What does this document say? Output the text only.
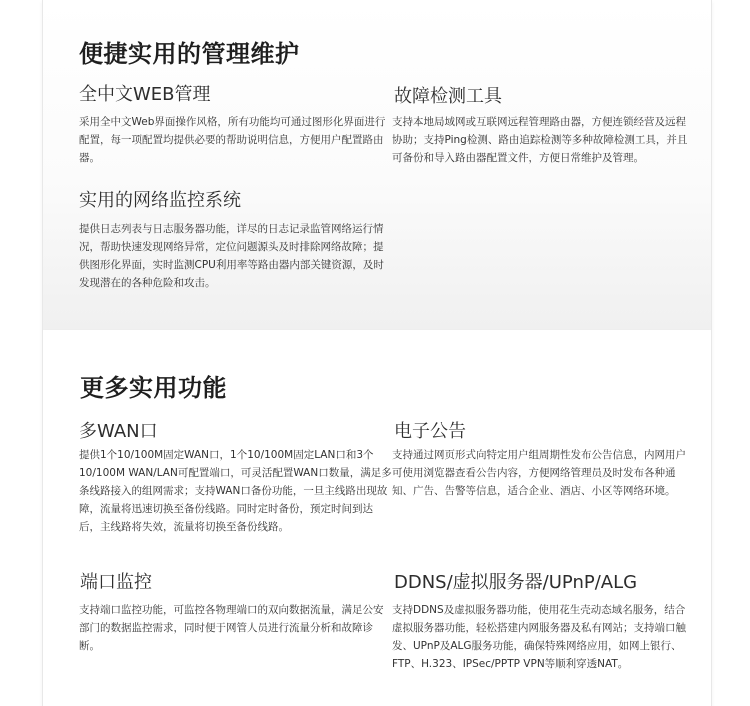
便捷实用的管理维护
全中文WEB管理

采用全中文Web界面操作风格，所有功能均可通过图形化界面进行配置，每一项配置均提供必要的帮助说明信息，方便用户配置路由器。

故障检测工具

支持本地局域网或互联网远程管理路由器，方便连锁经营及远程协助；支持Ping检测、路由追踪检测等多种故障检测工具，并且可备份和导入路由器配置文件，方便日常维护及管理。

实用的网络监控系统

提供日志列表与日志服务器功能，详尽的日志记录监管网络运行情况，帮助快速发现网络异常，定位问题源头及时排除网络故障；提供图形化界面，实时监测CPU利用率等路由器内部关键资源，及时发现潜在的各种危险和攻击。

更多实用功能
多WAN口

提供1个10/100M固定WAN口，1个10/100M固定LAN口和3个10/100M WAN/LAN可配置端口，可灵活配置WAN口数量，满足多条线路接入的组网需求；支持WAN口备份功能，一旦主线路出现故障，流量将迅速切换至备份线路。同时定时备份，预定时间到达后，主线路将失效，流量将切换至备份线路。

电子公告

支持通过网页形式向特定用户组周期性发布公告信息，内网用户可使用浏览器查看公告内容，方便网络管理员及时发布各种通知、广告、告警等信息，适合企业、酒店、小区等网络环境。

端口监控

支持端口监控功能，可监控各物理端口的双向数据流量，满足公安部门的数据监控需求，同时便于网管人员进行流量分析和故障诊断。

DDNS/虚拟服务器/UPnP/ALG

支持DDNS及虚拟服务器功能，使用花生壳动态域名服务，结合虚拟服务器功能，轻松搭建内网服务器及私有网站；支持端口触发、UPnP及ALG服务功能，确保特殊网络应用，如网上银行、FTP、H.323、IPSec/PPTP VPN等顺利穿透NAT。
